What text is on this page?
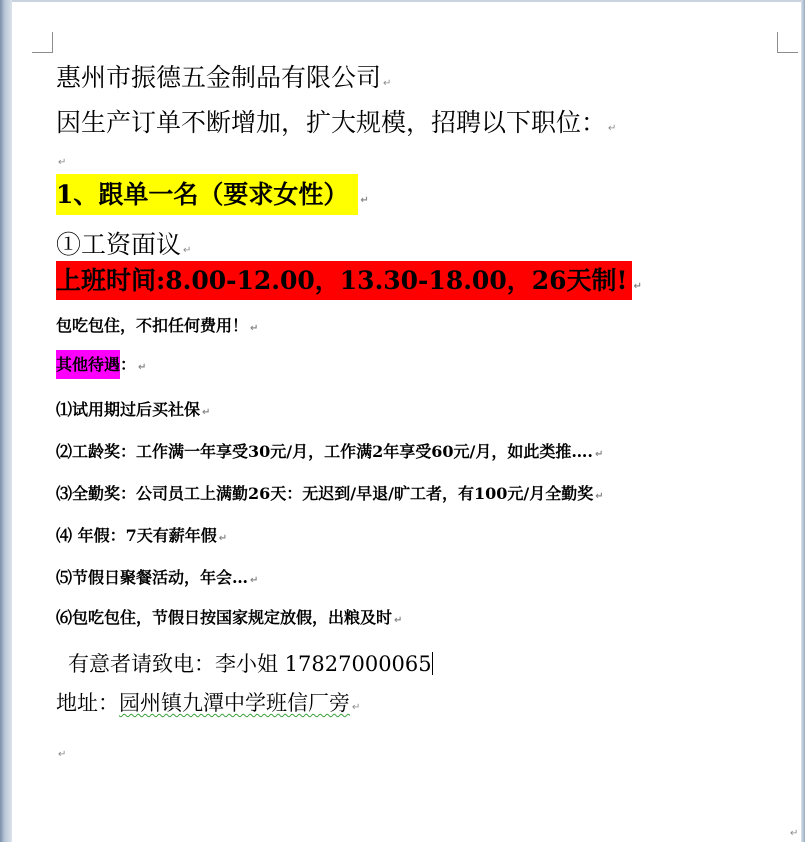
惠州市振德五金制品有限公司 ↵
因生产订单不断增加，扩大规模，招聘以下职位： ↵
↵
1、跟单一名（要求女性） ↵
①工资面议 ↵
上班时间:8.00-12.00，13.30-18.00，26天制! ↵
包吃包住，不扣任何费用！ ↵
其他待遇： ↵
⑴试用期过后买社保 ↵
⑵工龄奖：工作满一年享受30元/月，工作满2年享受60元/月，如此类推…. ↵
⑶全勤奖：公司员工上满勤26天：无迟到/早退/旷工者，有100元/月全勤奖 ↵
⑷ 年假：7天有薪年假 ↵
⑸节假日聚餐活动，年会… ↵
⑹包吃包住，节假日按国家规定放假，出粮及时 ↵
有意者请致电：李小姐 17827000065
地址：园州镇九潭中学班信厂旁 ↵
↵
↵
